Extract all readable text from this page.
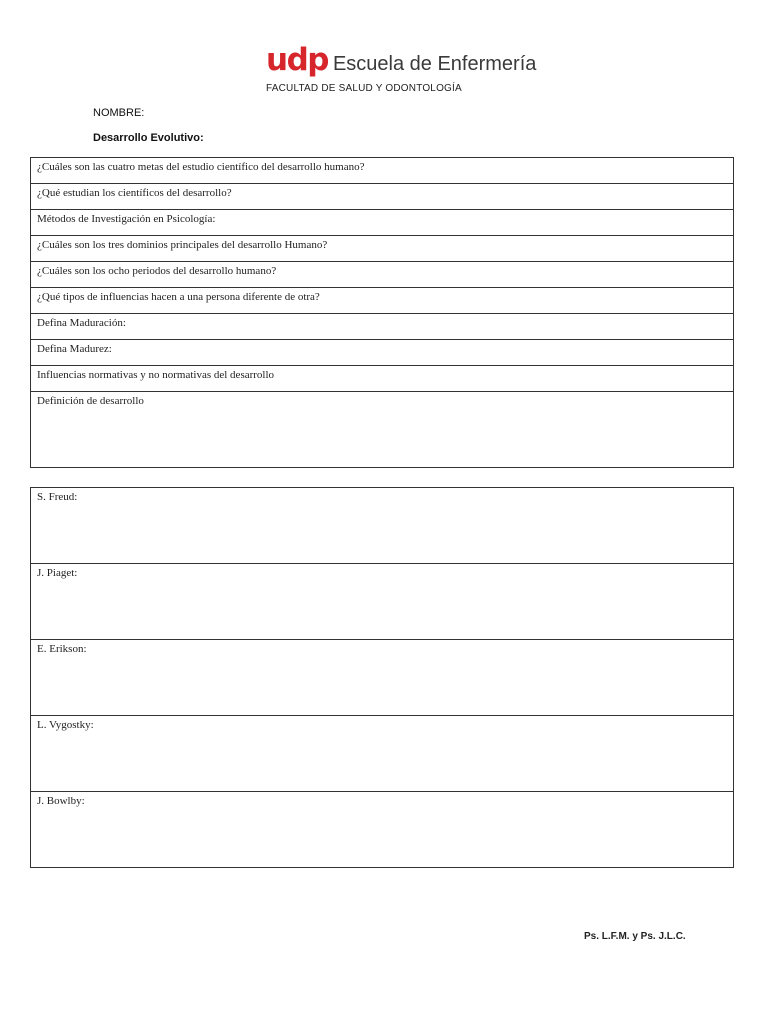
udp Escuela de Enfermería
FACULTAD DE SALUD Y ODONTOLOGÍA
NOMBRE:
Desarrollo Evolutivo:
¿Cuáles son las cuatro metas del estudio científico del desarrollo humano?
¿Qué estudian los científicos del desarrollo?
Métodos de Investigación en Psicología:
¿Cuáles son los tres dominios principales del desarrollo Humano?
¿Cuáles son los ocho periodos del desarrollo humano?
¿Qué tipos de influencias hacen a una persona diferente de otra?
Defina Maduración:
Defina Madurez:
Influencias normativas y no normativas del desarrollo
Definición de desarrollo
S. Freud:
J. Piaget:
E. Erikson:
L. Vygostky:
J. Bowlby:
Ps. L.F.M. y Ps. J.L.C.
